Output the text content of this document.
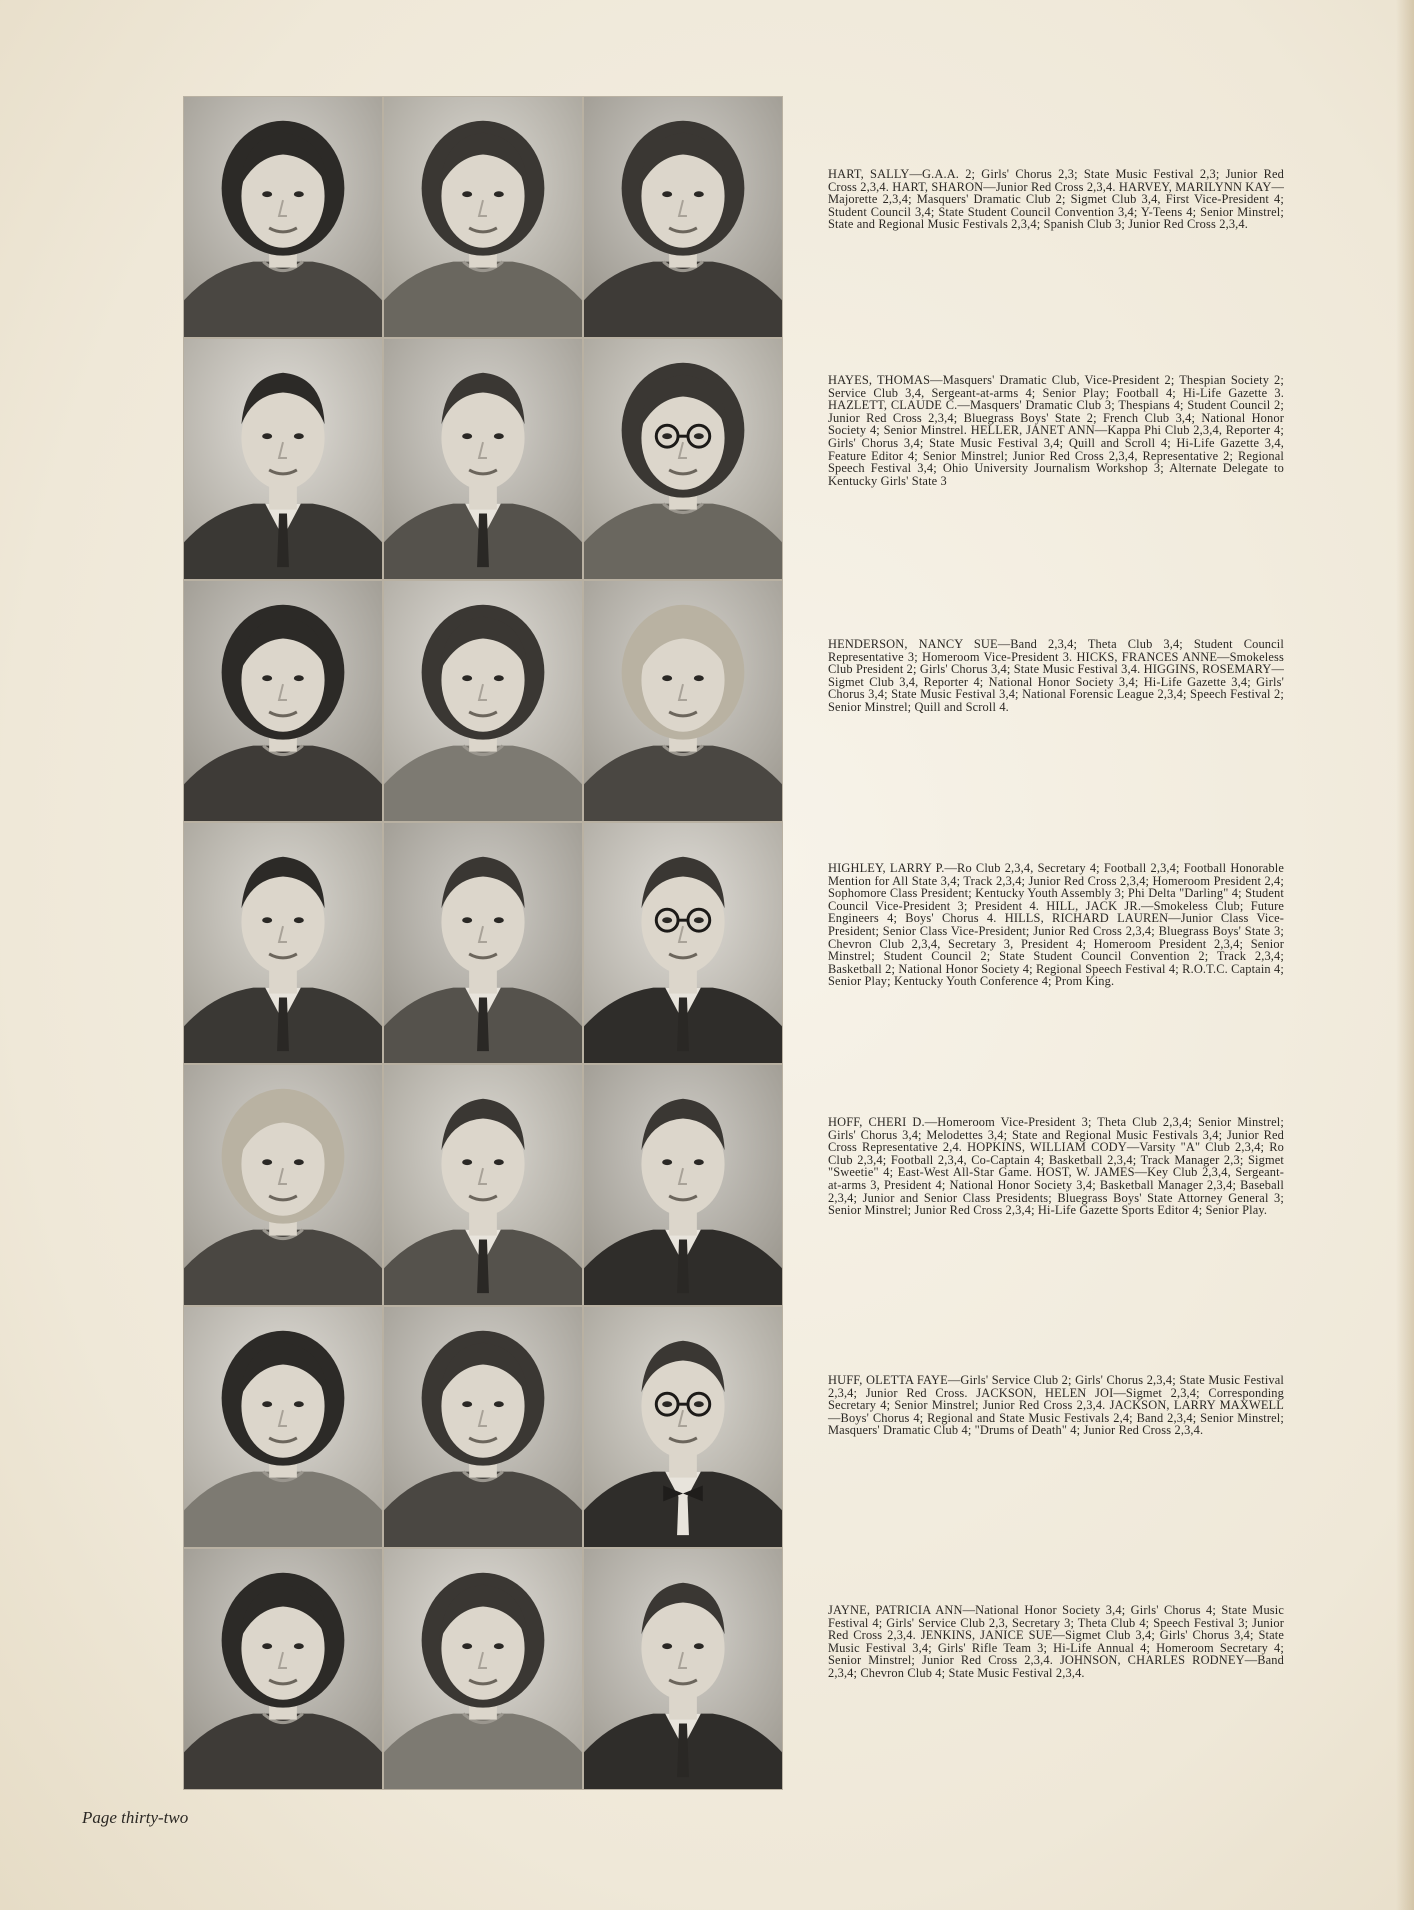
HART, SALLY—G.A.A. 2; Girls' Chorus 2,3; State Music Festival 2,3; Junior Red Cross 2,3,4. HART, SHARON—Junior Red Cross 2,3,4. HARVEY, MARILYNN KAY—Majorette 2,3,4; Masquers' Dramatic Club 2; Sigmet Club 3,4, First Vice-President 4; Student Council 3,4; State Student Council Convention 3,4; Y-Teens 4; Senior Minstrel; State and Regional Music Festivals 2,3,4; Spanish Club 3; Junior Red Cross 2,3,4.
HAYES, THOMAS—Masquers' Dramatic Club, Vice-President 2; Thespian Society 2; Service Club 3,4, Sergeant-at-arms 4; Senior Play; Football 4; Hi-Life Gazette 3. HAZLETT, CLAUDE C.—Masquers' Dramatic Club 3; Thespians 4; Student Council 2; Junior Red Cross 2,3,4; Bluegrass Boys' State 2; French Club 3,4; National Honor Society 4; Senior Minstrel. HELLER, JANET ANN—Kappa Phi Club 2,3,4, Reporter 4; Girls' Chorus 3,4; State Music Festival 3,4; Quill and Scroll 4; Hi-Life Gazette 3,4, Feature Editor 4; Senior Minstrel; Junior Red Cross 2,3,4, Representative 2; Regional Speech Festival 3,4; Ohio University Journalism Workshop 3; Alternate Delegate to Kentucky Girls' State 3
HENDERSON, NANCY SUE—Band 2,3,4; Theta Club 3,4; Student Council Representative 3; Homeroom Vice-President 3. HICKS, FRANCES ANNE—Smokeless Club President 2; Girls' Chorus 3,4; State Music Festival 3,4. HIGGINS, ROSEMARY—Sigmet Club 3,4, Reporter 4; National Honor Society 3,4; Hi-Life Gazette 3,4; Girls' Chorus 3,4; State Music Festival 3,4; National Forensic League 2,3,4; Speech Festival 2; Senior Minstrel; Quill and Scroll 4.
HIGHLEY, LARRY P.—Ro Club 2,3,4, Secretary 4; Football 2,3,4; Football Honorable Mention for All State 3,4; Track 2,3,4; Junior Red Cross 2,3,4; Homeroom President 2,4; Sophomore Class President; Kentucky Youth Assembly 3; Phi Delta "Darling" 4; Student Council Vice-President 3; President 4. HILL, JACK JR.—Smokeless Club; Future Engineers 4; Boys' Chorus 4. HILLS, RICHARD LAUREN—Junior Class Vice-President; Senior Class Vice-President; Junior Red Cross 2,3,4; Bluegrass Boys' State 3; Chevron Club 2,3,4, Secretary 3, President 4; Homeroom President 2,3,4; Senior Minstrel; Student Council 2; State Student Council Convention 2; Track 2,3,4; Basketball 2; National Honor Society 4; Regional Speech Festival 4; R.O.T.C. Captain 4; Senior Play; Kentucky Youth Conference 4; Prom King.
HOFF, CHERI D.—Homeroom Vice-President 3; Theta Club 2,3,4; Senior Minstrel; Girls' Chorus 3,4; Melodettes 3,4; State and Regional Music Festivals 3,4; Junior Red Cross Representative 2,4. HOPKINS, WILLIAM CODY—Varsity "A" Club 2,3,4; Ro Club 2,3,4; Football 2,3,4, Co-Captain 4; Basketball 2,3,4; Track Manager 2,3; Sigmet "Sweetie" 4; East-West All-Star Game. HOST, W. JAMES—Key Club 2,3,4, Sergeant-at-arms 3, President 4; National Honor Society 3,4; Basketball Manager 2,3,4; Baseball 2,3,4; Junior and Senior Class Presidents; Bluegrass Boys' State Attorney General 3; Senior Minstrel; Junior Red Cross 2,3,4; Hi-Life Gazette Sports Editor 4; Senior Play.
HUFF, OLETTA FAYE—Girls' Service Club 2; Girls' Chorus 2,3,4; State Music Festival 2,3,4; Junior Red Cross. JACKSON, HELEN JOI—Sigmet 2,3,4; Corresponding Secretary 4; Senior Minstrel; Junior Red Cross 2,3,4. JACKSON, LARRY MAXWELL—Boys' Chorus 4; Regional and State Music Festivals 2,4; Band 2,3,4; Senior Minstrel; Masquers' Dramatic Club 4; "Drums of Death" 4; Junior Red Cross 2,3,4.
JAYNE, PATRICIA ANN—National Honor Society 3,4; Girls' Chorus 4; State Music Festival 4; Girls' Service Club 2,3, Secretary 3; Theta Club 4; Speech Festival 3; Junior Red Cross 2,3,4. JENKINS, JANICE SUE—Sigmet Club 3,4; Girls' Chorus 3,4; State Music Festival 3,4; Girls' Rifle Team 3; Hi-Life Annual 4; Homeroom Secretary 4; Senior Minstrel; Junior Red Cross 2,3,4. JOHNSON, CHARLES RODNEY—Band 2,3,4; Chevron Club 4; State Music Festival 2,3,4.
Page thirty-two
